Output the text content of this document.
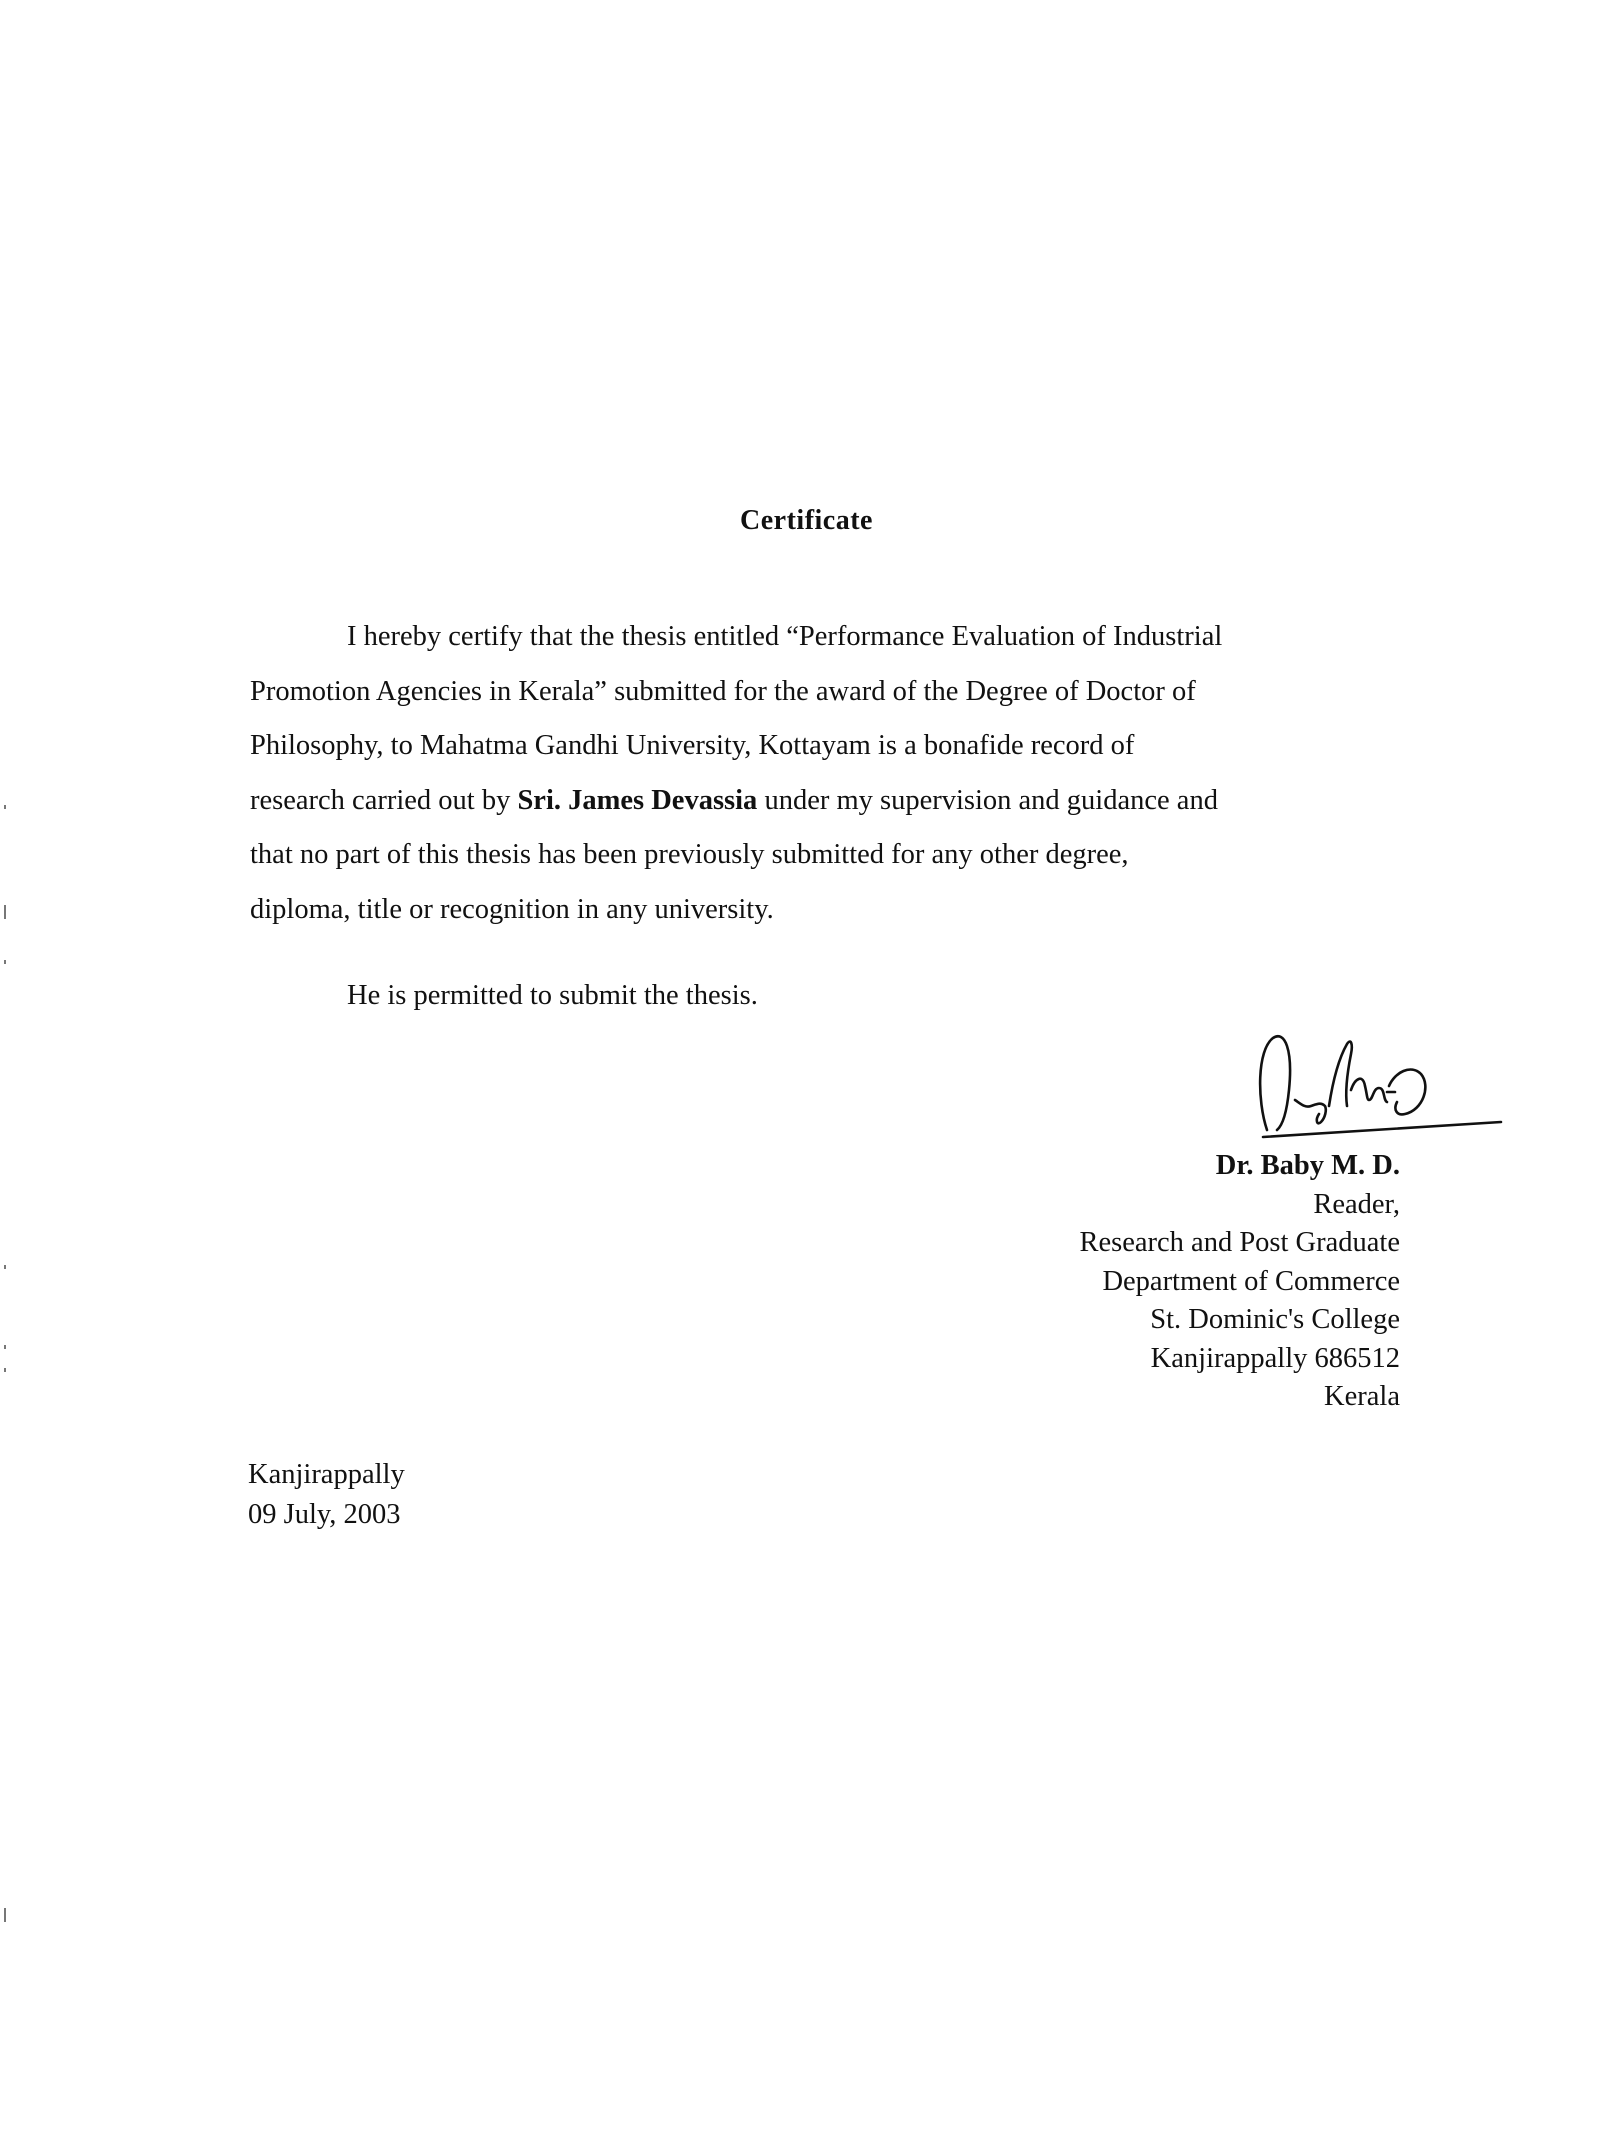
Certificate
I hereby certify that the thesis entitled “Performance Evaluation of Industrial
Promotion Agencies in Kerala” submitted for the award of the Degree of Doctor of
Philosophy, to Mahatma Gandhi University, Kottayam is a bonafide record of
research carried out by Sri. James Devassia under my supervision and guidance and
that no part of this thesis has been previously submitted for any other degree,
diploma, title or recognition in any university.
He is permitted to submit the thesis.
Dr. Baby M. D.
Reader,
Research and Post Graduate
Department of Commerce
St. Dominic's College
Kanjirappally 686512
Kerala
Kanjirappally
09 July, 2003
